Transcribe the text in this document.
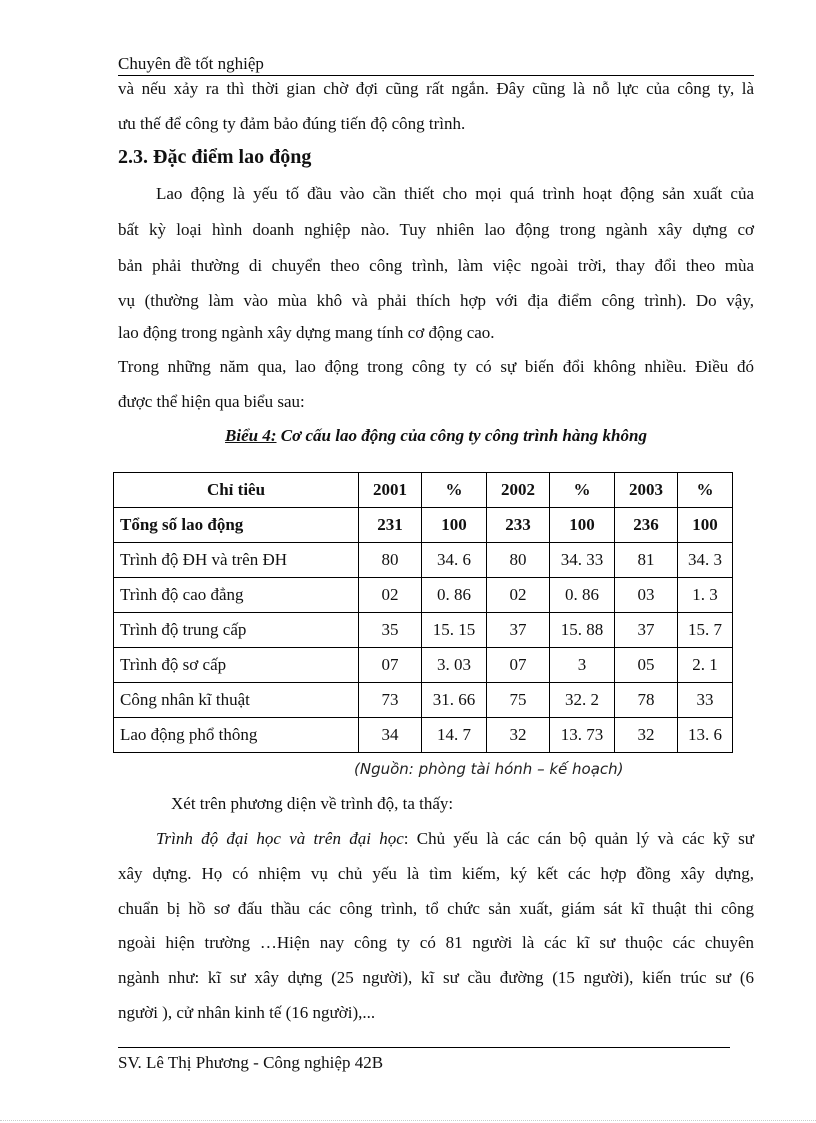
Chuyên đề tốt nghiệp
và nếu xảy ra thì thời gian chờ đợi cũng rất ngắn. Đây cũng là nỗ lực của công ty, là
ưu thế để công ty đảm bảo đúng tiến độ công trình.
2.3. Đặc điểm lao động
Lao động là yếu tố đầu vào cần thiết cho mọi quá trình hoạt động sản xuất của
bất kỳ loại hình doanh nghiệp nào. Tuy nhiên lao động trong ngành xây dựng cơ
bản phải thường di chuyển theo công trình, làm việc ngoài trời, thay đổi theo mùa
vụ (thường làm vào mùa khô và phải thích hợp với địa điểm công trình). Do vậy,
lao động trong ngành xây dựng mang tính cơ động cao.
Trong những năm qua, lao động trong công ty có sự biến đổi không nhiều. Điều đó
được thể hiện qua biểu sau:
Biểu 4: Cơ cấu lao động của công ty công trình hàng không
Chỉ tiêu	2001	%	2002	%	2003	%
Tổng số lao động	231	100	233	100	236	100
Trình độ ĐH và trên ĐH	80	34. 6	80	34. 33	81	34. 3
Trình độ cao đẳng	02	0. 86	02	0. 86	03	1. 3
Trình độ trung cấp	35	15. 15	37	15. 88	37	15. 7
Trình độ sơ cấp	07	3. 03	07	3	05	2. 1
Công nhân kĩ thuật	73	31. 66	75	32. 2	78	33
Lao động phổ thông	34	14. 7	32	13. 73	32	13. 6
(Nguồn: phòng tài hónh – kế hoạch)
Xét trên phương diện về trình độ, ta thấy:
Trình độ đại học và trên đại học: Chủ yếu là các cán bộ quản lý và các kỹ sư
xây dựng. Họ có nhiệm vụ chủ yếu là tìm kiếm, ký kết các hợp đồng xây dựng,
chuẩn bị hồ sơ đấu thầu các công trình, tổ chức sản xuất, giám sát kĩ thuật thi công
ngoài hiện trường …Hiện nay công ty có 81 người là các kĩ sư thuộc các chuyên
ngành như: kĩ sư xây dựng (25 người), kĩ sư cầu đường (15 người), kiến trúc sư (6
người ), cử nhân kinh tế (16 người),...
SV. Lê Thị Phương - Công nghiệp 42B
